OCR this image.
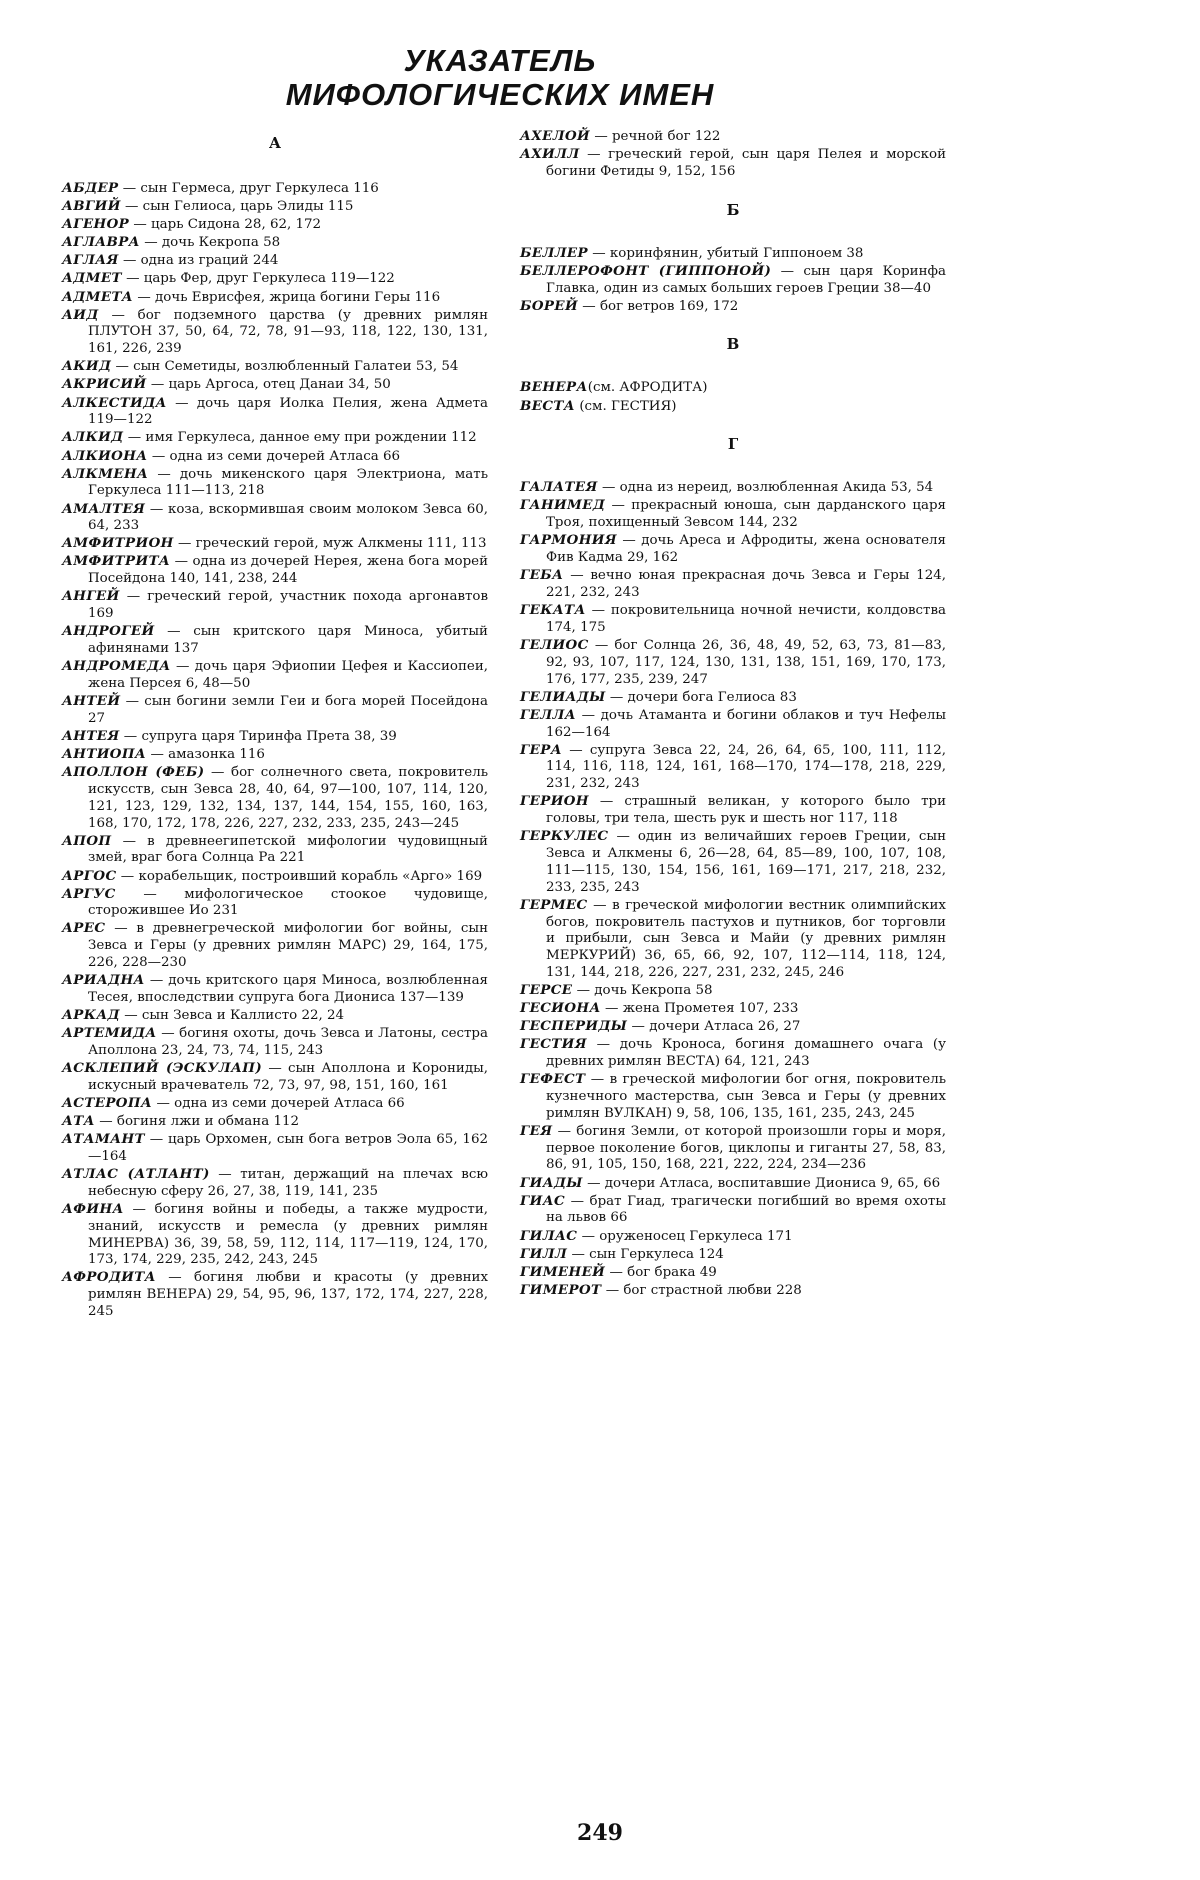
УКАЗАТЕЛЬ
МИФОЛОГИЧЕСКИХ ИМЕН
А
АБДЕР — сын Гермеса, друг Геркулеса 116
АВГИЙ — сын Гелиоса, царь Элиды 115
АГЕНОР — царь Сидона 28, 62, 172
АГЛАВРА — дочь Кекропа 58
АГЛАЯ — одна из граций 244
АДМЕТ — царь Фер, друг Геркулеса 119—122
АДМЕТА — дочь Еврисфея, жрица богини Геры 116
АИД — бог подземного царства (у древних римлян ПЛУТОН 37, 50, 64, 72, 78, 91—93, 118, 122, 130, 131, 161, 226, 239
АКИД — сын Семетиды, возлюбленный Галатеи 53, 54
АКРИСИЙ — царь Аргоса, отец Данаи 34, 50
АЛКЕСТИДА — дочь царя Иолка Пелия, жена Адмета 119—122
АЛКИД — имя Геркулеса, данное ему при рождении 112
АЛКИОНА — одна из семи дочерей Атласа 66
АЛКМЕНА — дочь микенского царя Электриона, мать Геркулеса 111—113, 218
АМАЛТЕЯ — коза, вскормившая своим молоком Зевса 60, 64, 233
АМФИТРИОН — греческий герой, муж Алкмены 111, 113
АМФИТРИТА — одна из дочерей Нерея, жена бога морей Посейдона 140, 141, 238, 244
АНГЕЙ — греческий герой, участник похода аргонавтов 169
АНДРОГЕЙ — сын критского царя Миноса, убитый афинянами 137
АНДРОМЕДА — дочь царя Эфиопии Цефея и Кассиопеи, жена Персея 6, 48—50
АНТЕЙ — сын богини земли Геи и бога морей Посейдона 27
АНТЕЯ — супруга царя Тиринфа Прета 38, 39
АНТИОПА — амазонка 116
АПОЛЛОН (ФЕБ) — бог солнечного света, покровитель искусств, сын Зевса 28, 40, 64, 97—100, 107, 114, 120, 121, 123, 129, 132, 134, 137, 144, 154, 155, 160, 163, 168, 170, 172, 178, 226, 227, 232, 233, 235, 243—245
АПОП — в древнеегипетской мифологии чудовищный змей, враг бога Солнца Ра 221
АРГОС — корабельщик, построивший корабль «Арго» 169
АРГУС — мифологическое стоокое чудовище, сторожившее Ио 231
АРЕС — в древнегреческой мифологии бог войны, сын Зевса и Геры (у древних римлян МАРС) 29, 164, 175, 226, 228—230
АРИАДНА — дочь критского царя Миноса, возлюбленная Тесея, впоследствии супруга бога Диониса 137—139
АРКАД — сын Зевса и Каллисто 22, 24
АРТЕМИДА — богиня охоты, дочь Зевса и Латоны, сестра Аполлона 23, 24, 73, 74, 115, 243
АСКЛЕПИЙ (ЭСКУЛАП) — сын Аполлона и Корониды, искусный врачеватель 72, 73, 97, 98, 151, 160, 161
АСТЕРОПА — одна из семи дочерей Атласа 66
АТА — богиня лжи и обмана 112
АТАМАНТ — царь Орхомен, сын бога ветров Эола 65, 162—164
АТЛАС (АТЛАНТ) — титан, держащий на плечах всю небесную сферу 26, 27, 38, 119, 141, 235
АФИНА — богиня войны и победы, а также мудрости, знаний, искусств и ремесла (у древних римлян МИНЕРВА) 36, 39, 58, 59, 112, 114, 117—119, 124, 170, 173, 174, 229, 235, 242, 243, 245
АФРОДИТА — богиня любви и красоты (у древних римлян ВЕНЕРА) 29, 54, 95, 96, 137, 172, 174, 227, 228, 245
АХЕЛОЙ — речной бог 122
АХИЛЛ — греческий герой, сын царя Пелея и морской богини Фетиды 9, 152, 156
Б
БЕЛЛЕР — коринфянин, убитый Гиппоноем 38
БЕЛЛЕРОФОНТ (ГИППОНОЙ) — сын царя Коринфа Главка, один из самых больших героев Греции 38—40
БОРЕЙ — бог ветров 169, 172
В
ВЕНЕРА(см. АФРОДИТА)
ВЕСТА (см. ГЕСТИЯ)
Г
ГАЛАТЕЯ — одна из нереид, возлюбленная Акида 53, 54
ГАНИМЕД — прекрасный юноша, сын дарданского царя Троя, похищенный Зевсом 144, 232
ГАРМОНИЯ — дочь Ареса и Афродиты, жена основателя Фив Кадма 29, 162
ГЕБА — вечно юная прекрасная дочь Зевса и Геры 124, 221, 232, 243
ГЕКАТА — покровительница ночной нечисти, колдовства 174, 175
ГЕЛИОС — бог Солнца 26, 36, 48, 49, 52, 63, 73, 81—83, 92, 93, 107, 117, 124, 130, 131, 138, 151, 169, 170, 173, 176, 177, 235, 239, 247
ГЕЛИАДЫ — дочери бога Гелиоса 83
ГЕЛЛА — дочь Атаманта и богини облаков и туч Нефелы 162—164
ГЕРА — супруга Зевса 22, 24, 26, 64, 65, 100, 111, 112, 114, 116, 118, 124, 161, 168—170, 174—178, 218, 229, 231, 232, 243
ГЕРИОН — страшный великан, у которого было три головы, три тела, шесть рук и шесть ног 117, 118
ГЕРКУЛЕС — один из величайших героев Греции, сын Зевса и Алкмены 6, 26—28, 64, 85—89, 100, 107, 108, 111—115, 130, 154, 156, 161, 169—171, 217, 218, 232, 233, 235, 243
ГЕРМЕС — в греческой мифологии вестник олимпийских богов, покровитель пастухов и путников, бог торговли и прибыли, сын Зевса и Майи (у древних римлян МЕРКУРИЙ) 36, 65, 66, 92, 107, 112—114, 118, 124, 131, 144, 218, 226, 227, 231, 232, 245, 246
ГЕРСЕ — дочь Кекропа 58
ГЕСИОНА — жена Прометея 107, 233
ГЕСПЕРИДЫ — дочери Атласа 26, 27
ГЕСТИЯ — дочь Кроноса, богиня домашнего очага (у древних римлян ВЕСТА) 64, 121, 243
ГЕФЕСТ — в греческой мифологии бог огня, покровитель кузнечного мастерства, сын Зевса и Геры (у древних римлян ВУЛКАН) 9, 58, 106, 135, 161, 235, 243, 245
ГЕЯ — богиня Земли, от которой произошли горы и моря, первое поколение богов, циклопы и гиганты 27, 58, 83, 86, 91, 105, 150, 168, 221, 222, 224, 234—236
ГИАДЫ — дочери Атласа, воспитавшие Диониса 9, 65, 66
ГИАС — брат Гиад, трагически погибший во время охоты на львов 66
ГИЛАС — оруженосец Геркулеса 171
ГИЛЛ — сын Геркулеса 124
ГИМЕНЕЙ — бог брака 49
ГИМЕРОТ — бог страстной любви 228
249
